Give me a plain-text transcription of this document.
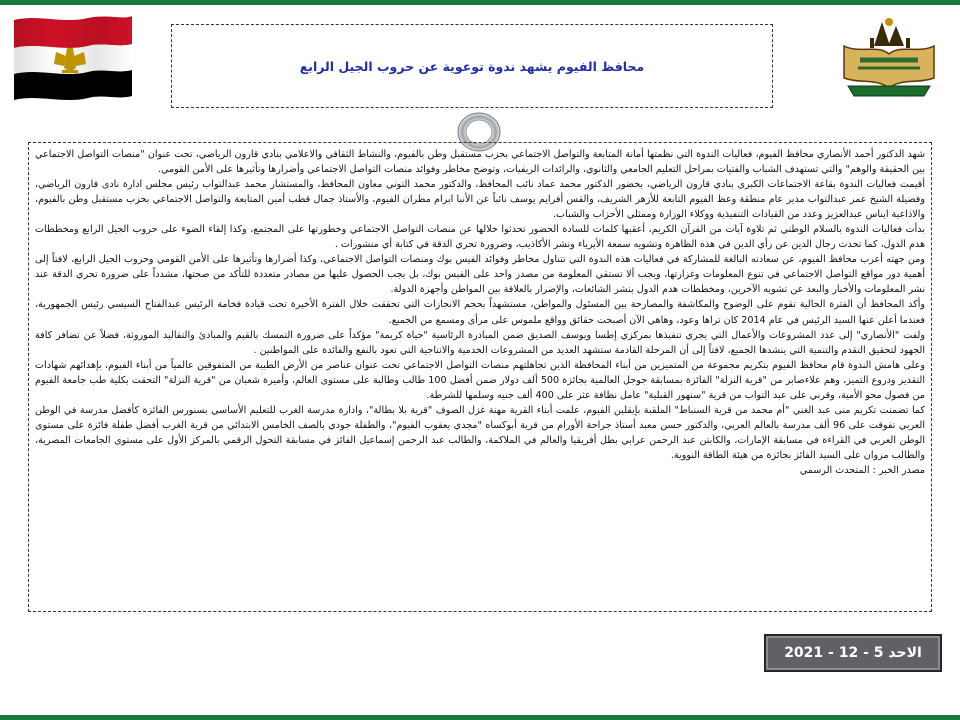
محافظ الفيوم يشهد ندوة توعوية عن حروب الجيل الرابع

شهد الدكتور أحمد الأنصاري محافظ الفيوم، فعاليات الندوة التي نظمتها أمانة المتابعة والتواصل الاجتماعي بحزب مستقبل وطن بالفيوم، والنشاط الثقافي والاعلامي بنادي قارون الرياضي، تحت عنوان "منصات التواصل الاجتماعي بين الحقيقة والوهم" والتي تستهدف الشباب والفتيات بمراحل التعليم الجامعي والثانوي، والرائدات الريفيات، وتوضح مخاطر وفوائد منصات التواصل الاجتماعي وأضرارها وتأثيرها على الأمن القومي.

أقيمت فعاليات الندوة بقاعة الاجتماعات الكبرى بنادي قارون الرياضي، بحضور الدكتور محمد عماد نائب المحافظ، والدكتور محمد التوني معاون المحافظ، والمستشار محمد عبدالتواب رئيس مجلس ادارة نادى قارون الرياضي، وفضيلة الشيخ عمر عبدالتواب مدير عام منطقة وعظ الفيوم التابعة للأزهر الشريف، والقس أفرايم يوسف نائباً عن الأنبا ابرام مطران الفيوم، والأستاذ جمال قطب أمين المتابعة والتواصل الاجتماعي بحزب مستقبل وطن بالفيوم، والاذاعية ايناس عبدالعزيز وعدد من القيادات التنفيذية ووكلاء الوزارة وممثلي الأحزاب والشباب.

بدأت فعاليات الندوة بالسلام الوطني ثم تلاوة آيات من القرآن الكريم، أعقبها كلمات للسادة الحضور تحدثوا خلالها عن منصات التواصل الاجتماعي وخطورتها على المجتمع، وكذا إلقاء الضوء على حروب الجيل الرابع ومخططات هدم الدول، كما تحدث رجال الدين عن رأي الدين في هذه الظاهرة وتشويه سمعة الأبرياء ونشر الأكاذيب، وضرورة تحري الدقة في كتابة أي منشورات .

ومن جهته أعرب محافظ الفيوم، عن سعادته البالغة للمشاركة في فعاليات هذه الندوة التي تتناول مخاطر وفوائد الفيس بوك ومنصات التواصل الاجتماعي، وكذا أضرارها وتأثيرها على الأمن القومي وحروب الجيل الرابع، لافتاً إلى أهمية دور مواقع التواصل الاجتماعي في تنوع المعلومات وغزارتها، ويجب ألا تستقي المعلومة من مصدر واحد على الفيس بوك، بل يجب الحصول عليها من مصادر متعددة للتأكد من صحتها، مشدداً على ضرورة تحري الدقة عند نشر المعلومات والأخبار والبعد عن تشويه الآخرين، ومخططات هدم الدول بنشر الشائعات، والإضرار بالعلاقة بين المواطن وأجهزة الدولة.

وأكد المحافظ أن الفترة الحالية تقوم على الوضوح والمكاشفة والمصارحة بين المسئول والمواطن، مستشهداً بحجم الانجازات التي تحققت خلال الفترة الأخيرة تحت قيادة فخامة الرئيس عبدالفتاح السيسي رئيس الجمهورية، فعندما أعلن عنها السيد الرئيس في عام 2014 كان تراها وعود، وهاهي الآن أصبحت حقائق وواقع ملموس على مرأى ومسمع من الجميع.

ولفت "الأنصاري" إلى عدد المشروعات والأعمال التي يجري تنفيذها بمركزي إطسا ويوسف الصديق ضمن المبادرة الرئاسية "حياة كريمة" مؤكداً على ضرورة التمسك بالقيم والمبادئ والتقاليد الموروثة، فضلاً عن تضافر كافة الجهود لتحقيق التقدم والتنمية التي ينشدها الجميع، لافتاً إلى أن المرحلة القادمة ستشهد العديد من المشروعات الخدمية والانتاجية التي تعود بالنفع والفائدة على المواطنين .

وعلى هامش الندوة قام محافظ الفيوم بتكريم مجموعة من المتميزين من أبناء المحافظة الذين تجاهلتهم منصات التواصل الاجتماعي تحت عنوان عناصر من الأرض الطيبة من المتفوقين عالمياً من أبناء الفيوم، بإهدائهم شهادات التقدير ودروع التميز، وهم علاءصابر من "قرية النزلة" الفائزة بمسابقة جوجل العالمية بجائزة 500 ألف دولار ضمن أفضل 100 طالب وطالبة على مستوى العالم، وأميرة شعبان من "قرية النزلة" التحقت بكلية طب جامعة الفيوم من فصول محو الأمية، وقرني على عبد التواب من قرية "سنهور القبلية" عامل نظافة عثر على 400 ألف جنيه وسلمها للشرطة.

كما تضمنت تكريم منى عبد الغني "أم محمد من قرية السنباط" الملقبة بإيقلين الفيوم، علمت أبناء القرية مهنة غزل الصوف "قرية بلا بطالة"، وادارة مدرسة الغرب للتعليم الأساسي بسنورس الفائزة كأفضل مدرسة في الوطن العربي تفوقت على 96 ألف مدرسة بالعالم العربي، والدكتور حسن معبد أستاذ جراحة الأورام من قرية أبوكساه "مجدي يعقوب الفيوم"، والطفلة جودي بالصف الخامس الابتدائي من قرية الغرب أفضل طفلة فائزة على مستوى الوطن العربي في القراءة في مسابقة الإمارات، والكابتن عبد الرحمن عرابي بطل أفريقيا والعالم في الملاكمة، والطالب عبد الرحمن إسماعيل الفائز في مسابقة التحول الرقمي بالمركز الأول على مستوى الجامعات المصرية، والطالب مروان على السيد الفائز بجائزة من هيئة الطاقة النووية.

مصدر الخبر : المتحدث الرسمي

الاحد 5 - 12 - 2021
